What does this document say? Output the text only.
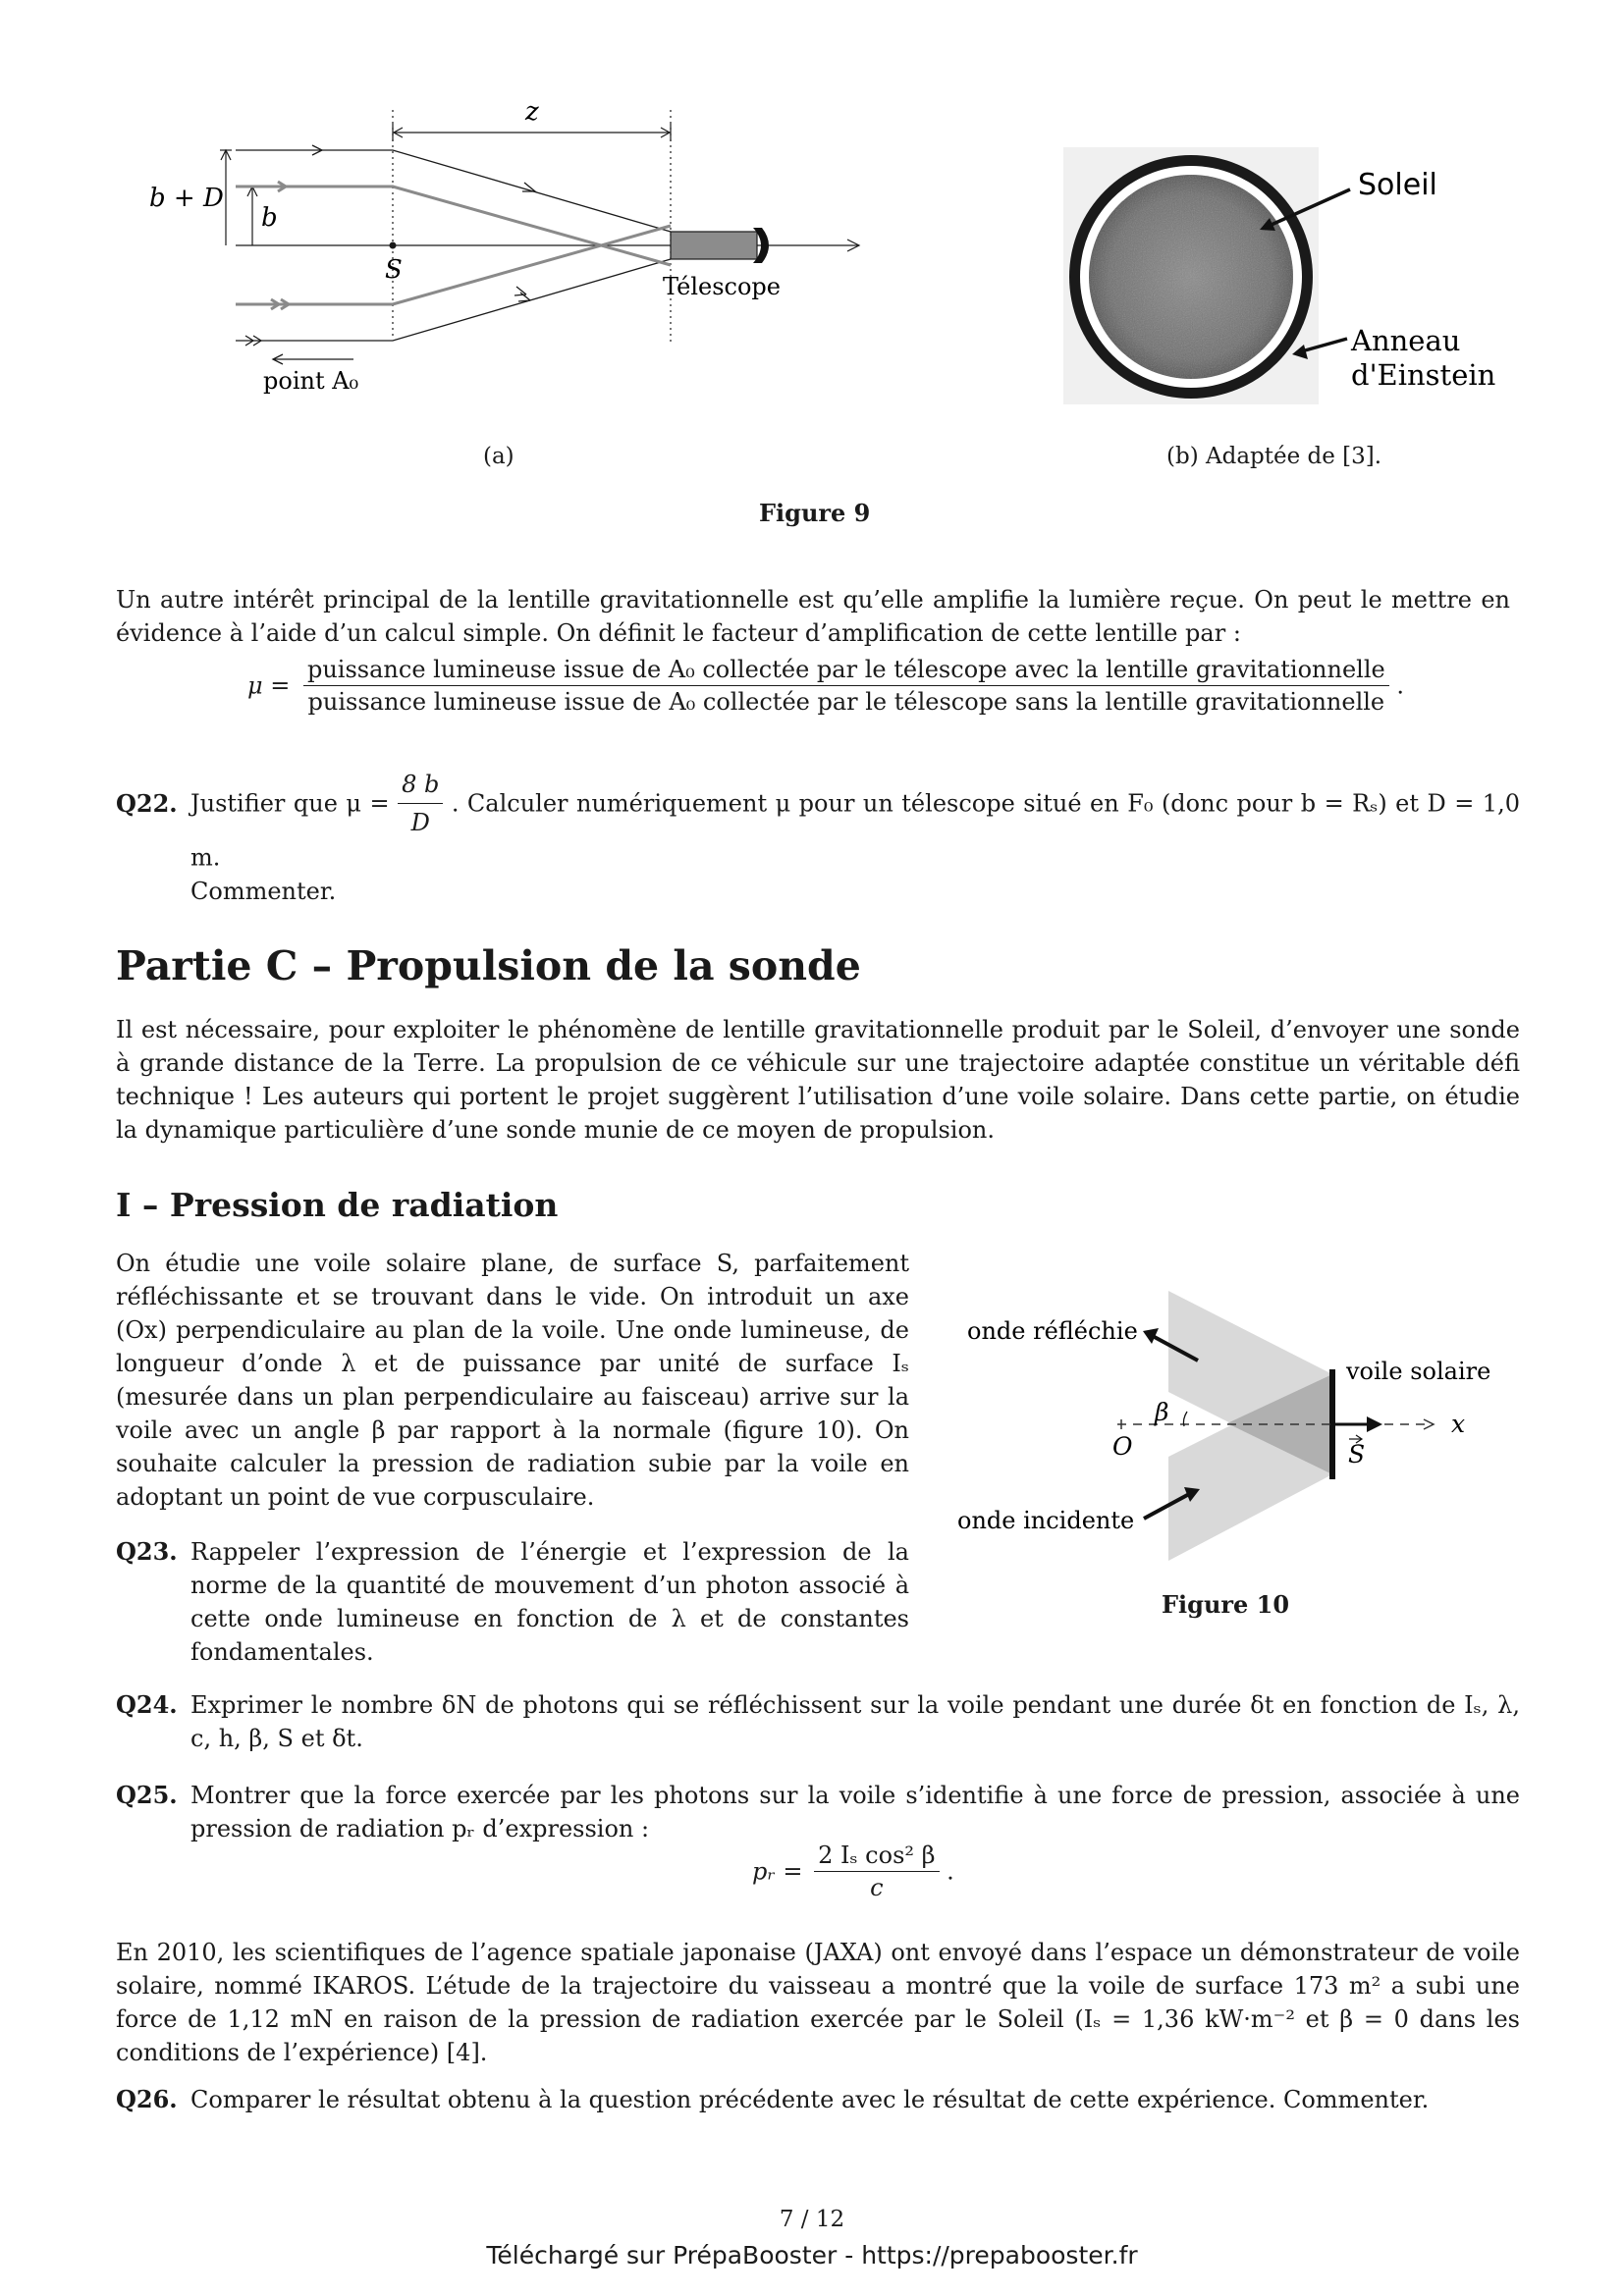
z
b + D
b
S
Télescope
point A₀
(a)
Soleil
Anneau
d'Einstein
(b) Adaptée de [3].
Figure 9
Un autre intérêt principal de la lentille gravitationnelle est qu’elle amplifie la lumière reçue. On peut le mettre en évidence à l’aide d’un calcul simple. On définit le facteur d’amplification de cette lentille par :
μ =
puissance lumineuse issue de A₀ collectée par le télescope avec la lentille gravitationnelle
puissance lumineuse issue de A₀ collectée par le télescope sans la lentille gravitationnelle
.
Q22. Justifier que $\mu = \frac{8 b}{D}$ . Calculer numériquement μ pour un télescope situé en F₀ (donc pour b = Rₛ) et D = 1,0 m.
Commenter.
Partie C – Propulsion de la sonde
Il est nécessaire, pour exploiter le phénomène de lentille gravitationnelle produit par le Soleil, d’envoyer une sonde à grande distance de la Terre. La propulsion de ce véhicule sur une trajectoire adaptée constitue un véritable défi technique ! Les auteurs qui portent le projet suggèrent l’utilisation d’une voile solaire. Dans cette partie, on étudie la dynamique particulière d’une sonde munie de ce moyen de propulsion.
I – Pression de radiation
On étudie une voile solaire plane, de surface S, parfaitement réfléchissante et se trouvant dans le vide. On introduit un axe (Ox) perpendiculaire au plan de la voile. Une onde lumineuse, de longueur d’onde λ et de puissance par unité de surface Iₛ (mesurée dans un plan perpendiculaire au faisceau) arrive sur la voile avec un angle β par rapport à la normale (figure 10). On souhaite calculer la pression de radiation subie par la voile en adoptant un point de vue corpusculaire.
Q23. Rappeler l’expression de l’énergie et l’expression de la norme de la quantité de mouvement d’un photon associé à cette onde lumineuse en fonction de λ et de constantes fondamentales.
onde réfléchie
voile solaire
onde incidente
β
O	S
x
Figure 10
Q24. Exprimer le nombre δN de photons qui se réfléchissent sur la voile pendant une durée δt en fonction de Iₛ, λ, c, h, β, S et δt.
Q25. Montrer que la force exercée par les photons sur la voile s’identifie à une force de pression, associée à une pression de radiation pᵣ d’expression :
pᵣ = $\frac{\text{2 Iₛ cos² β}}{c}$ .
En 2010, les scientifiques de l’agence spatiale japonaise (JAXA) ont envoyé dans l’espace un démonstrateur de voile solaire, nommé IKAROS. L’étude de la trajectoire du vaisseau a montré que la voile de surface 173 m² a subi une force de 1,12 mN en raison de la pression de radiation exercée par le Soleil (Iₛ = 1,36 kW·m⁻² et β = 0 dans les conditions de l’expérience) [4].
Q26. Comparer le résultat obtenu à la question précédente avec le résultat de cette expérience. Commenter.
7 / 12
Téléchargé sur PrépaBooster - https://prepabooster.fr
